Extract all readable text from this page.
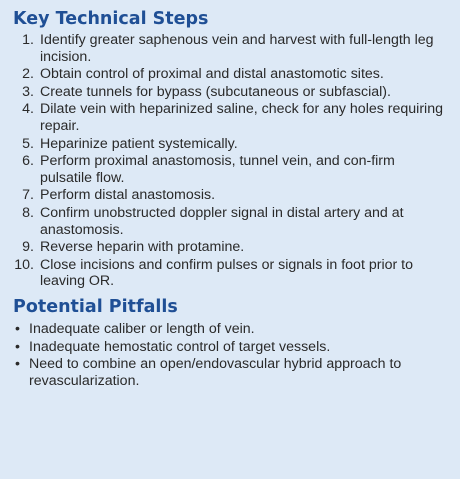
Key Technical Steps
1. Identify greater saphenous vein and harvest with full-length leg incision.
2. Obtain control of proximal and distal anastomotic sites.
3. Create tunnels for bypass (subcutaneous or subfascial).
4. Dilate vein with heparinized saline, check for any holes requiring repair.
5. Heparinize patient systemically.
6. Perform proximal anastomosis, tunnel vein, and con-firm pulsatile flow.
7. Perform distal anastomosis.
8. Confirm unobstructed doppler signal in distal artery and at anastomosis.
9. Reverse heparin with protamine.
10. Close incisions and confirm pulses or signals in foot prior to leaving OR.
Potential Pitfalls
• Inadequate caliber or length of vein.
• Inadequate hemostatic control of target vessels.
• Need to combine an open/endovascular hybrid approach to revascularization.
